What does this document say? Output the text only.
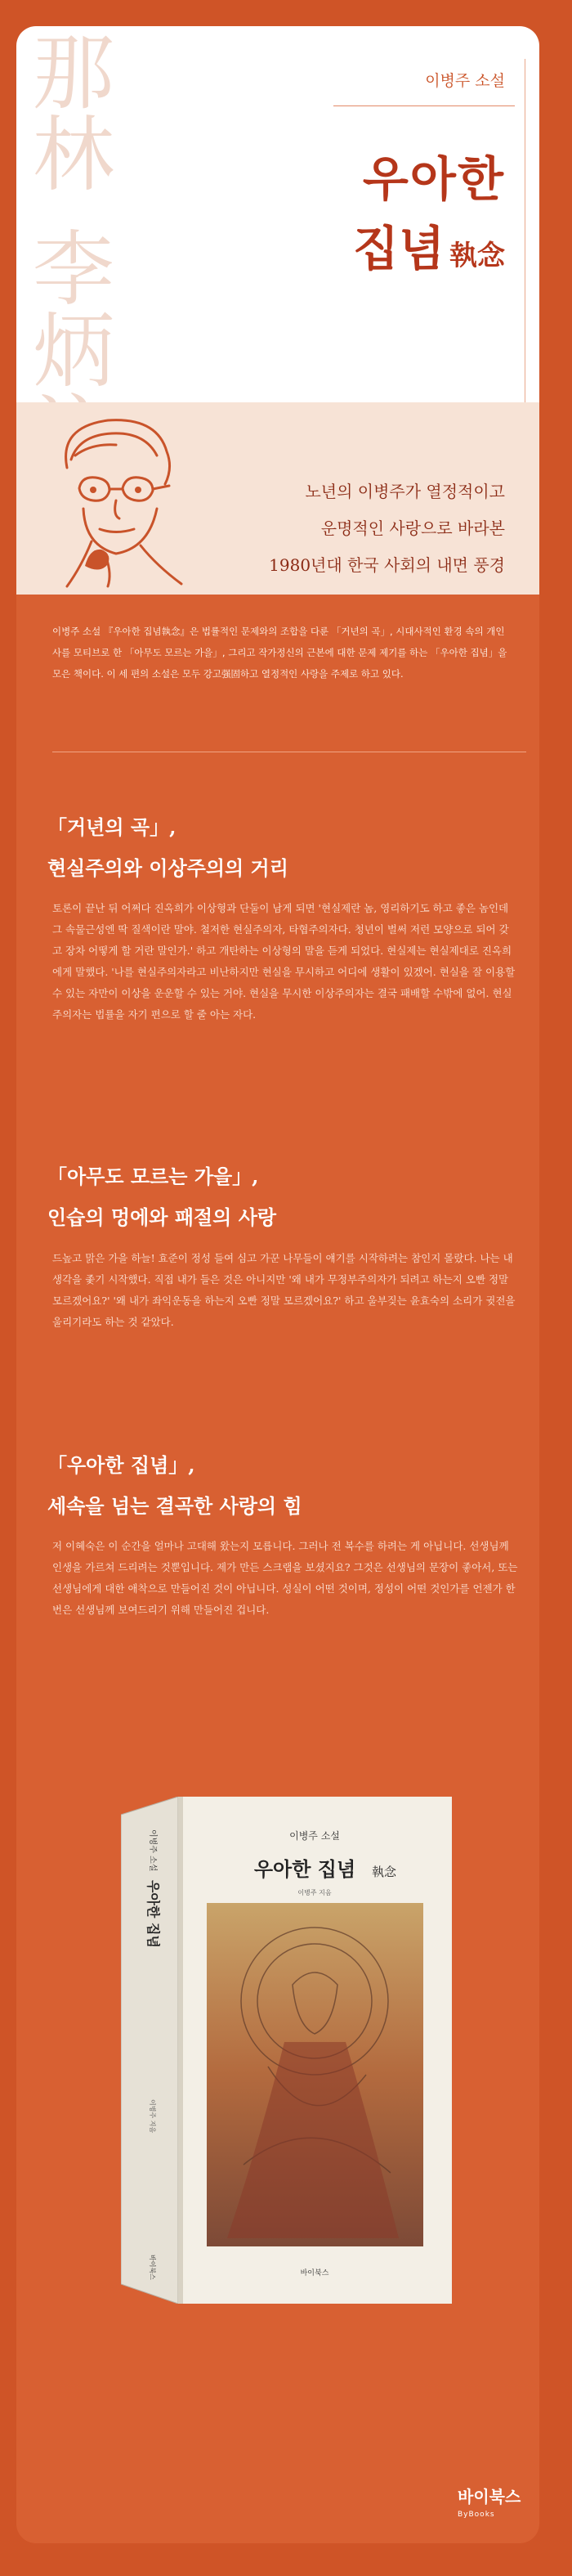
那
林
李
炳
이병주 소설
우아한
집념 執念
노년의 이병주가 열정적이고
운명적인 사랑으로 바라본
1980년대 한국 사회의 내면 풍경
이병주 소설 『우아한 집념執念』은 법률적인 문제와의 조합을 다룬 「거년의 곡」, 시대사적인 환경 속의 개인사를 모티브로 한 「아무도 모르는 가을」, 그리고 작가정신의 근본에 대한 문제 제기를 하는 「우아한 집념」을 모은 책이다. 이 세 편의 소설은 모두 강고强固하고 열정적인 사랑을 주제로 하고 있다.
「거년의 곡」,
현실주의와 이상주의의 거리
토론이 끝난 뒤 어쩌다 진옥희가 이상형과 단둘이 남게 되면 '현실제란 놈, 영리하기도 하고 좋은 놈인데 그 속물근성엔 딱 질색이란 말야. 철저한 현실주의자, 타협주의자다. 청년이 벌써 저런 모양으로 되어 갖고 장차 어떻게 할 거란 말인가.' 하고 개탄하는 이상형의 말을 듣게 되었다. 현실제는 현실제대로 진옥희에게 말했다. '나를 현실주의자라고 비난하지만 현실을 무시하고 어디에 생활이 있겠어. 현실을 잘 이용할 수 있는 자만이 이상을 운운할 수 있는 거야. 현실을 무시한 이상주의자는 결국 패배할 수밖에 없어. 현실주의자는 법률을 자기 편으로 할 줄 아는 자다.
「아무도 모르는 가을」,
인습의 멍에와 패절의 사랑
드높고 맑은 가을 하늘! 효준이 정성 들여 심고 가꾼 나무들이 얘기를 시작하려는 참인지 몰랐다. 나는 내 생각을 좇기 시작했다. 직접 내가 들은 것은 아니지만 '왜 내가 무정부주의자가 되려고 하는지 오빤 정말 모르겠어요?' '왜 내가 좌익운동을 하는지 오빤 정말 모르겠어요?' 하고 울부짖는 윤효숙의 소리가 귓전을 울리기라도 하는 것 같았다.
「우아한 집념」,
세속을 넘는 결곡한 사랑의 힘
저 이혜숙은 이 순간을 얼마나 고대해 왔는지 모릅니다. 그러나 전 복수를 하려는 게 아닙니다. 선생님께 인생을 가르쳐 드리려는 것뿐입니다. 제가 만든 스크랩을 보셨지요? 그것은 선생님의 문장이 좋아서, 또는 선생님에게 대한 애착으로 만들어진 것이 아닙니다. 성실이 어떤 것이며, 정성이 어떤 것인가를 언젠가 한 번은 선생님께 보여드리기 위해 만들어진 겁니다.
이병주 소설
우아한 집념 執念
이병주 지음
바이북스
이병주 소설
우아한 집념
이병주 지음
바이북스
바이북스
ByBooks
